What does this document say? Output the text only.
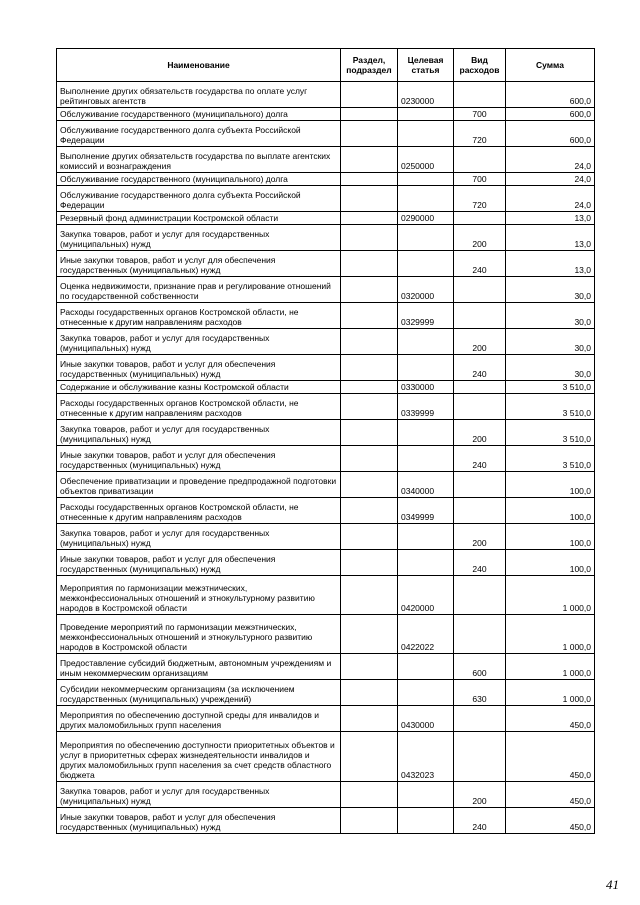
Наименование	Раздел, подраздел	Целевая статья	Вид расходов	Сумма
Выполнение других обязательств государства по оплате услуг рейтинговых агентств		0230000		600,0
Обслуживание государственного (муниципального) долга			700	600,0
Обслуживание государственного долга субъекта Российской Федерации			720	600,0
Выполнение других обязательств государства по выплате агентских комиссий и вознаграждения		0250000		24,0
Обслуживание государственного (муниципального) долга			700	24,0
Обслуживание государственного долга субъекта Российской Федерации			720	24,0
Резервный фонд администрации Костромской области		0290000		13,0
Закупка товаров, работ и услуг для государственных (муниципальных) нужд			200	13,0
Иные закупки товаров, работ и услуг для обеспечения государственных (муниципальных) нужд			240	13,0
Оценка недвижимости, признание прав и регулирование отношений по государственной собственности		0320000		30,0
Расходы государственных органов Костромской области, не отнесенные к другим направлениям расходов		0329999		30,0
Закупка товаров, работ и услуг для государственных (муниципальных) нужд			200	30,0
Иные закупки товаров, работ и услуг для обеспечения государственных (муниципальных) нужд			240	30,0
Содержание и обслуживание казны Костромской области		0330000		3 510,0
Расходы государственных органов Костромской области, не отнесенные к другим направлениям расходов		0339999		3 510,0
Закупка товаров, работ и услуг для государственных (муниципальных) нужд			200	3 510,0
Иные закупки товаров, работ и услуг для обеспечения государственных (муниципальных) нужд			240	3 510,0
Обеспечение приватизации и проведение предпродажной подготовки объектов приватизации		0340000		100,0
Расходы государственных органов Костромской области, не отнесенные к другим направлениям расходов		0349999		100,0
Закупка товаров, работ и услуг для государственных (муниципальных) нужд			200	100,0
Иные закупки товаров, работ и услуг для обеспечения государственных (муниципальных) нужд			240	100,0
Мероприятия по гармонизации межэтнических, межконфессиональных отношений и этнокультурному развитию народов в Костромской области		0420000		1 000,0
Проведение мероприятий по гармонизации межэтнических, межконфессиональных отношений и этнокультурного развитию народов в Костромской области		0422022		1 000,0
Предоставление субсидий бюджетным, автономным учреждениям и иным некоммерческим организациям			600	1 000,0
Субсидии некоммерческим организациям (за исключением государственных (муниципальных) учреждений)			630	1 000,0
Мероприятия по обеспечению доступной среды для инвалидов и других маломобильных групп населения		0430000		450,0
Мероприятия по обеспечению доступности приоритетных объектов и услуг в приоритетных сферах жизнедеятельности инвалидов и других маломобильных групп населения за счет средств областного бюджета		0432023		450,0
Закупка товаров, работ и услуг для государственных (муниципальных) нужд			200	450,0
Иные закупки товаров, работ и услуг для обеспечения государственных (муниципальных) нужд			240	450,0
41
